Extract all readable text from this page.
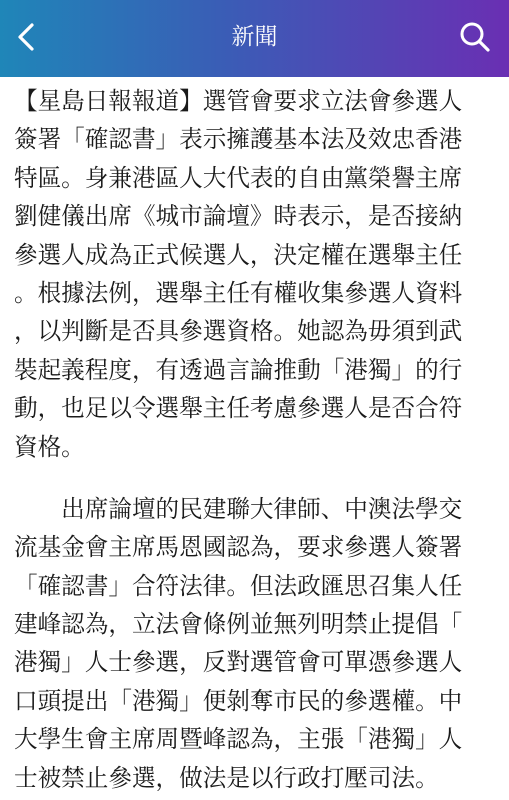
新聞
【星島日報報道】選管會要求立法會參選人
簽署「確認書」表示擁護基本法及效忠香港
特區。身兼港區人大代表的自由黨榮譽主席
劉健儀出席《城市論壇》時表示，是否接納
參選人成為正式候選人，決定權在選舉主任
。根據法例，選舉主任有權收集參選人資料
，以判斷是否具參選資格。她認為毋須到武
裝起義程度，有透過言論推動「港獨」的行
動，也足以令選舉主任考慮參選人是否合符
資格。
　　出席論壇的民建聯大律師、中澳法學交
流基金會主席馬恩國認為，要求參選人簽署
「確認書」合符法律。但法政匯思召集人任
建峰認為，立法會條例並無列明禁止提倡「
港獨」人士參選，反對選管會可單憑參選人
口頭提出「港獨」便剝奪市民的參選權。中
大學生會主席周暨峰認為，主張「港獨」人
士被禁止參選，做法是以行政打壓司法。
